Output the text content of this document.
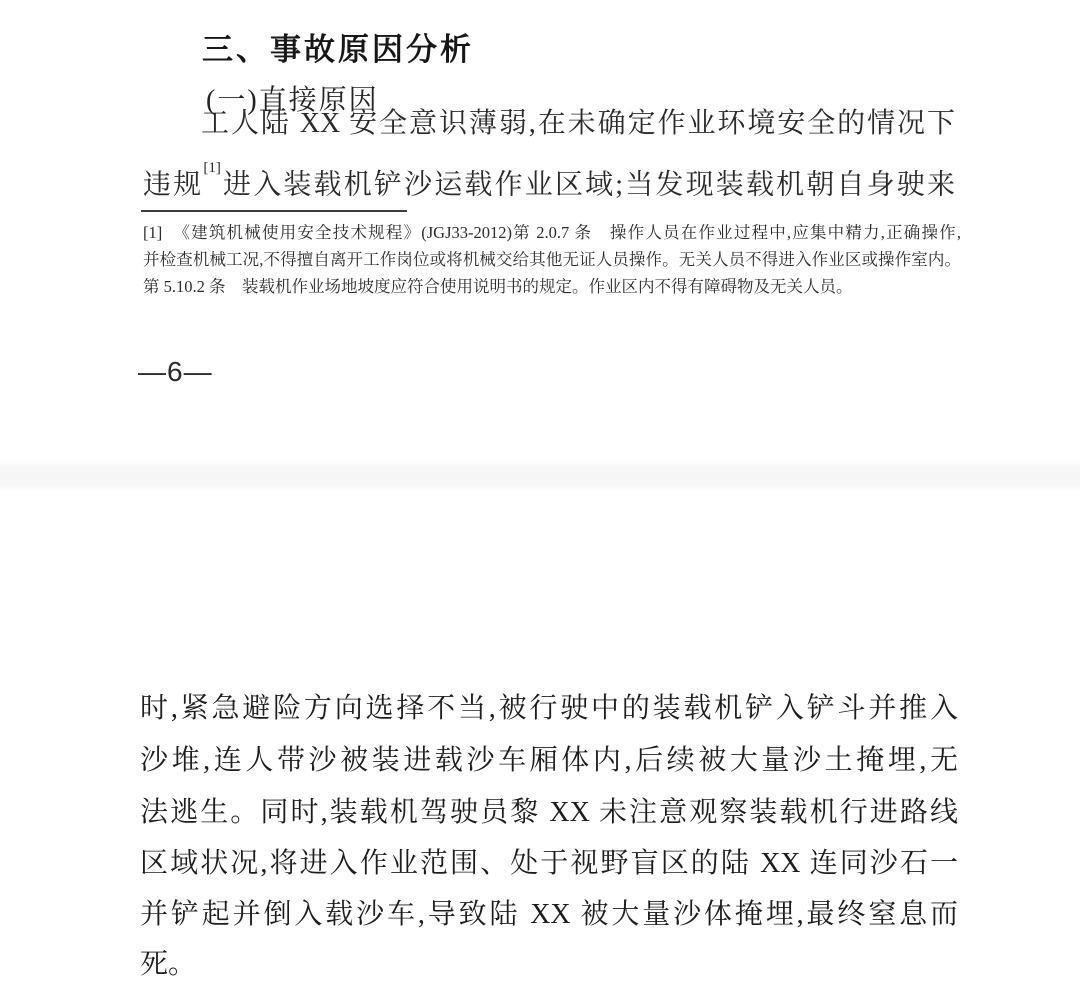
三、事故原因分析
(一)直接原因
工人陆 XX 安全意识薄弱,在未确定作业环境安全的情况下
违规[1]进入装载机铲沙运载作业区域;当发现装载机朝自身驶来
[1] 《建筑机械使用安全技术规程》(JGJ33-2012)第 2.0.7 条　操作人员在作业过程中,应集中精力,正确操作,
并检查机械工况,不得擅自离开工作岗位或将机械交给其他无证人员操作。无关人员不得进入作业区或操作室内。
第 5.10.2 条　装载机作业场地坡度应符合使用说明书的规定。作业区内不得有障碍物及无关人员。
—6—
时,紧急避险方向选择不当,被行驶中的装载机铲入铲斗并推入
沙堆,连人带沙被装进载沙车厢体内,后续被大量沙土掩埋,无
法逃生。同时,装载机驾驶员黎 XX 未注意观察装载机行进路线
区域状况,将进入作业范围、处于视野盲区的陆 XX 连同沙石一
并铲起并倒入载沙车,导致陆 XX 被大量沙体掩埋,最终窒息而
死。
